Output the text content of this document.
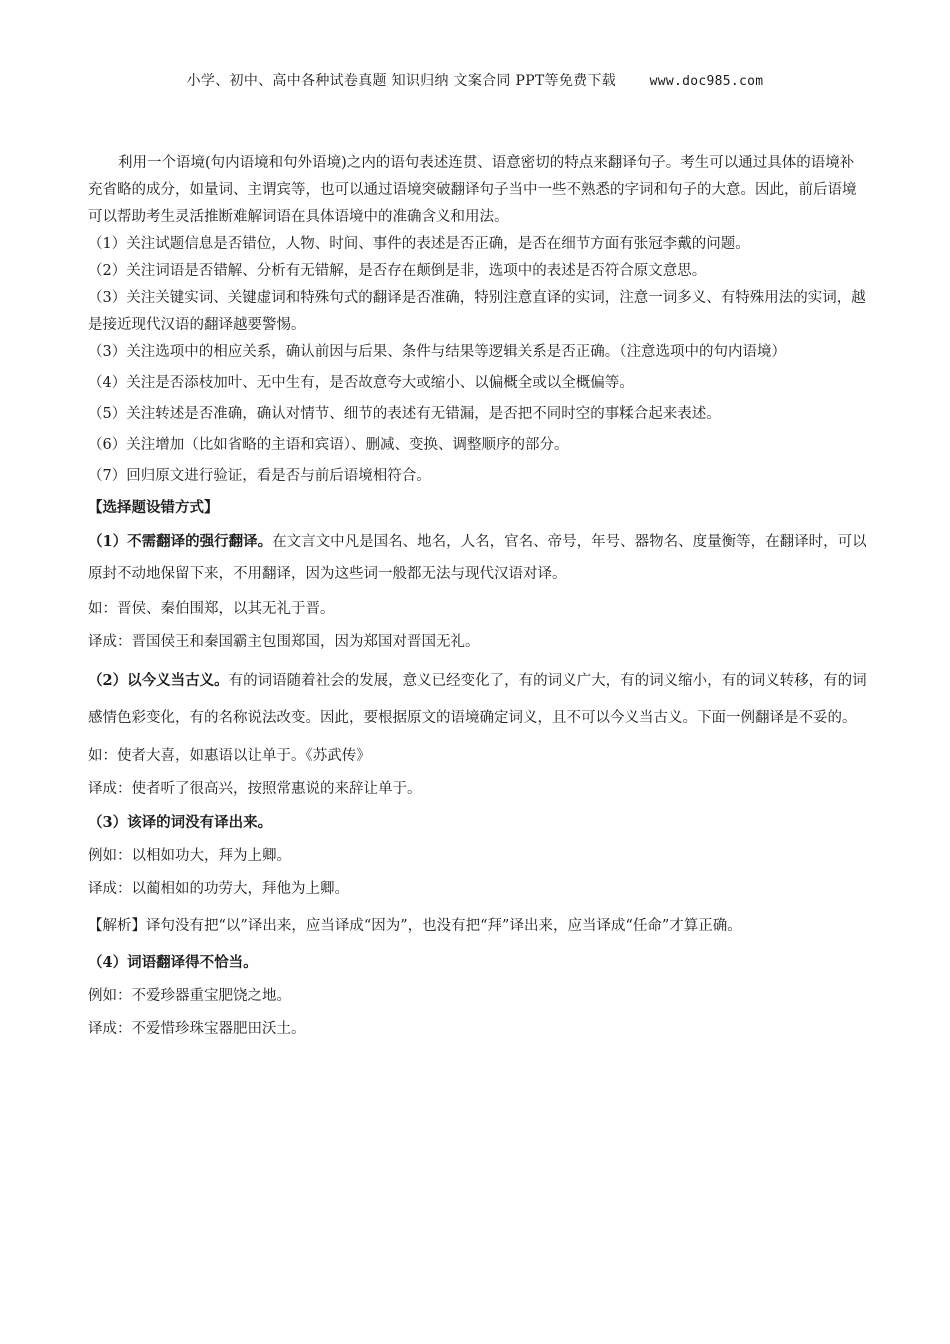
小学、初中、高中各种试卷真题 知识归纳 文案合同 PPT等免费下载	www.doc985.com

利用一个语境(句内语境和句外语境)之内的语句表述连贯、语意密切的特点来翻译句子。考生可以通过具体的语境补充省略的成分，如量词、主谓宾等，也可以通过语境突破翻译句子当中一些不熟悉的字词和句子的大意。因此，前后语境可以帮助考生灵活推断难解词语在具体语境中的准确含义和用法。

（1）关注试题信息是否错位，人物、时间、事件的表述是否正确，是否在细节方面有张冠李戴的问题。

（2）关注词语是否错解、分析有无错解，是否存在颠倒是非，选项中的表述是否符合原文意思。

（3）关注关键实词、关键虚词和特殊句式的翻译是否准确，特别注意直译的实词，注意一词多义、有特殊用法的实词，越是接近现代汉语的翻译越要警惕。

（3）关注选项中的相应关系，确认前因与后果、条件与结果等逻辑关系是否正确。（注意选项中的句内语境）

（4）关注是否添枝加叶、无中生有，是否故意夸大或缩小、以偏概全或以全概偏等。

（5）关注转述是否准确，确认对情节、细节的表述有无错漏，是否把不同时空的事糅合起来表述。

（6）关注增加（比如省略的主语和宾语）、删减、变换、调整顺序的部分。

（7）回归原文进行验证，看是否与前后语境相符合。

【选择题设错方式】

（1）不需翻译的强行翻译。在文言文中凡是国名、地名，人名，官名、帝号，年号、器物名、度量衡等，在翻译时，可以原封不动地保留下来，不用翻译，因为这些词一般都无法与现代汉语对译。

如：晋侯、秦伯围郑，以其无礼于晋。

译成：晋国侯王和秦国霸主包围郑国，因为郑国对晋国无礼。

（2）以今义当古义。有的词语随着社会的发展，意义已经变化了，有的词义广大，有的词义缩小，有的词义转移，有的词感情色彩变化，有的名称说法改变。因此，要根据原文的语境确定词义，且不可以今义当古义。下面一例翻译是不妥的。

如：使者大喜，如惠语以让单于。《苏武传》

译成：使者听了很高兴，按照常惠说的来辞让单于。

（3）该译的词没有译出来。

例如：以相如功大，拜为上卿。

译成：以蔺相如的功劳大，拜他为上卿。

【解析】译句没有把“以”译出来，应当译成“因为”，也没有把“拜”译出来，应当译成“任命”才算正确。

（4）词语翻译得不恰当。

例如：不爱珍器重宝肥饶之地。

译成：不爱惜珍珠宝器肥田沃土。
